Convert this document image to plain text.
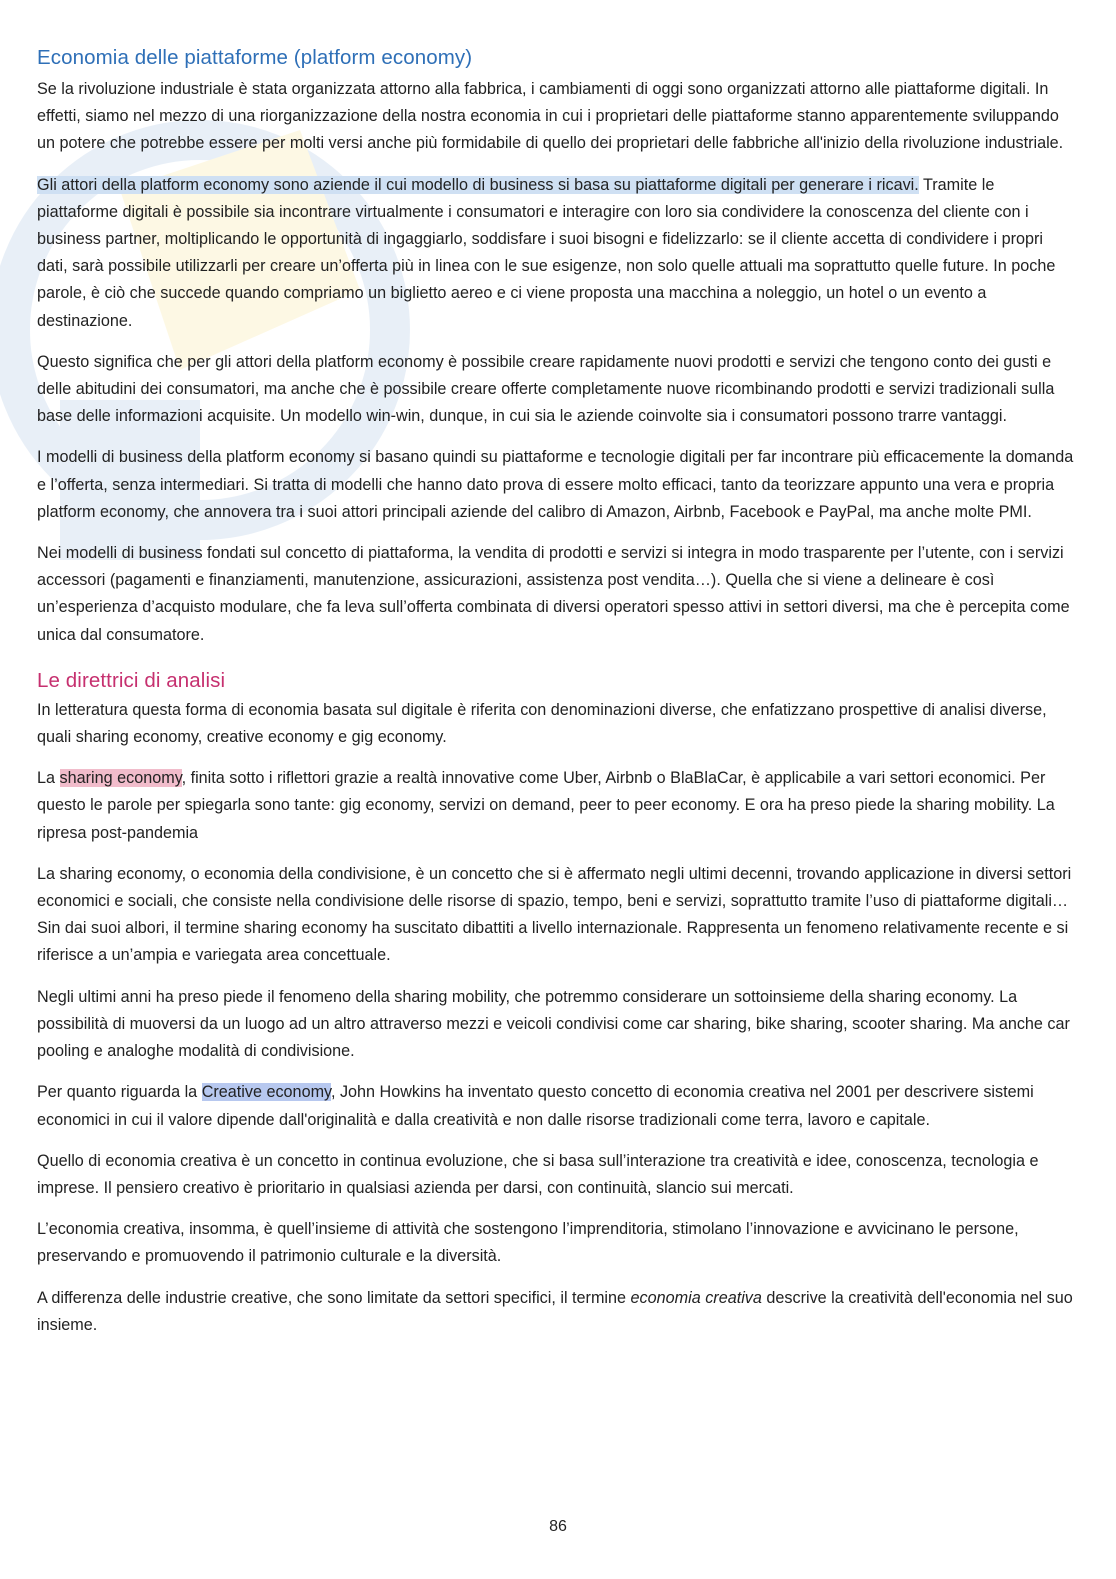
Economia delle piattaforme (platform economy)

Se la rivoluzione industriale è stata organizzata attorno alla fabbrica, i cambiamenti di oggi sono organizzati attorno alle piattaforme digitali. In effetti, siamo nel mezzo di una riorganizzazione della nostra economia in cui i proprietari delle piattaforme stanno apparentemente sviluppando un potere che potrebbe essere per molti versi anche più formidabile di quello dei proprietari delle fabbriche all'inizio della rivoluzione industriale.

Gli attori della platform economy sono aziende il cui modello di business si basa su piattaforme digitali per generare i ricavi. Tramite le piattaforme digitali è possibile sia incontrare virtualmente i consumatori e interagire con loro sia condividere la conoscenza del cliente con i business partner, moltiplicando le opportunità di ingaggiarlo, soddisfare i suoi bisogni e fidelizzarlo: se il cliente accetta di condividere i propri dati, sarà possibile utilizzarli per creare un’offerta più in linea con le sue esigenze, non solo quelle attuali ma soprattutto quelle future. In poche parole, è ciò che succede quando compriamo un biglietto aereo e ci viene proposta una macchina a noleggio, un hotel o un evento a destinazione.

Questo significa che per gli attori della platform economy è possibile creare rapidamente nuovi prodotti e servizi che tengono conto dei gusti e delle abitudini dei consumatori, ma anche che è possibile creare offerte completamente nuove ricombinando prodotti e servizi tradizionali sulla base delle informazioni acquisite. Un modello win-win, dunque, in cui sia le aziende coinvolte sia i consumatori possono trarre vantaggi.

I modelli di business della platform economy si basano quindi su piattaforme e tecnologie digitali per far incontrare più efficacemente la domanda e l’offerta, senza intermediari. Si tratta di modelli che hanno dato prova di essere molto efficaci, tanto da teorizzare appunto una vera e propria platform economy, che annovera tra i suoi attori principali aziende del calibro di Amazon, Airbnb, Facebook e PayPal, ma anche molte PMI.

Nei modelli di business fondati sul concetto di piattaforma, la vendita di prodotti e servizi si integra in modo trasparente per l’utente, con i servizi accessori (pagamenti e finanziamenti, manutenzione, assicurazioni, assistenza post vendita…). Quella che si viene a delineare è così un’esperienza d’acquisto modulare, che fa leva sull’offerta combinata di diversi operatori spesso attivi in settori diversi, ma che è percepita come unica dal consumatore.

Le direttrici di analisi

In letteratura questa forma di economia basata sul digitale è riferita con denominazioni diverse, che enfatizzano prospettive di analisi diverse, quali sharing economy, creative economy e gig economy.

La sharing economy, finita sotto i riflettori grazie a realtà innovative come Uber, Airbnb o BlaBlaCar, è applicabile a vari settori economici. Per questo le parole per spiegarla sono tante: gig economy, servizi on demand, peer to peer economy. E ora ha preso piede la sharing mobility. La ripresa post-pandemia

La sharing economy, o economia della condivisione, è un concetto che si è affermato negli ultimi decenni, trovando applicazione in diversi settori economici e sociali, che consiste nella condivisione delle risorse di spazio, tempo, beni e servizi, soprattutto tramite l’uso di piattaforme digitali… Sin dai suoi albori, il termine sharing economy ha suscitato dibattiti a livello internazionale. Rappresenta un fenomeno relativamente recente e si riferisce a un’ampia e variegata area concettuale.

Negli ultimi anni ha preso piede il fenomeno della sharing mobility, che potremmo considerare un sottoinsieme della sharing economy. La possibilità di muoversi da un luogo ad un altro attraverso mezzi e veicoli condivisi come car sharing, bike sharing, scooter sharing. Ma anche car pooling e analoghe modalità di condivisione.

Per quanto riguarda la Creative economy, John Howkins ha inventato questo concetto di economia creativa nel 2001 per descrivere sistemi economici in cui il valore dipende dall'originalità e dalla creatività e non dalle risorse tradizionali come terra, lavoro e capitale.

Quello di economia creativa è un concetto in continua evoluzione, che si basa sull’interazione tra creatività e idee, conoscenza, tecnologia e imprese. Il pensiero creativo è prioritario in qualsiasi azienda per darsi, con continuità, slancio sui mercati.

L’economia creativa, insomma, è quell’insieme di attività che sostengono l’imprenditoria, stimolano l’innovazione e avvicinano le persone, preservando e promuovendo il patrimonio culturale e la diversità.

A differenza delle industrie creative, che sono limitate da settori specifici, il termine economia creativa descrive la creatività dell'economia nel suo insieme.

86
